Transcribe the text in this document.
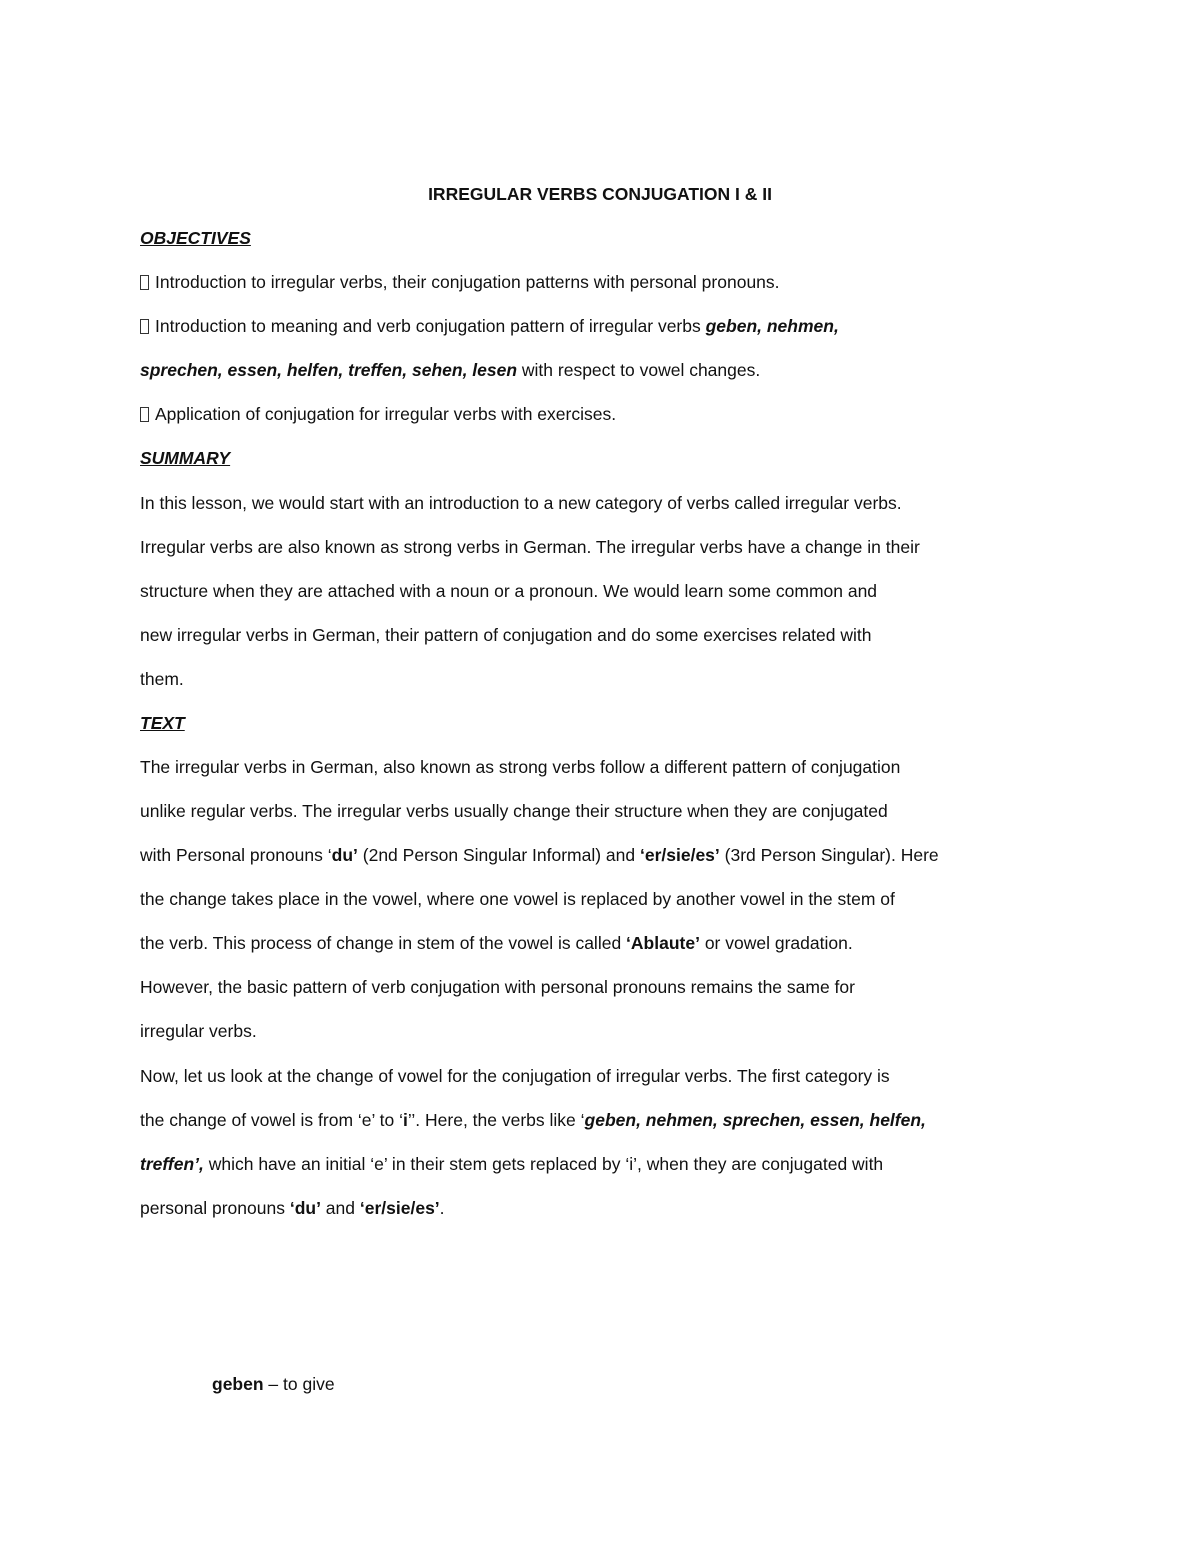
IRREGULAR VERBS CONJUGATION I & II
OBJECTIVES
Introduction to irregular verbs, their conjugation patterns with personal pronouns.
Introduction to meaning and verb conjugation pattern of irregular verbs geben, nehmen,
sprechen, essen, helfen, treffen, sehen, lesen with respect to vowel changes.
Application of conjugation for irregular verbs with exercises.
SUMMARY
In this lesson, we would start with an introduction to a new category of verbs called irregular verbs.
Irregular verbs are also known as strong verbs in German. The irregular verbs have a change in their
structure when they are attached with a noun or a pronoun. We would learn some common and
new irregular verbs in German, their pattern of conjugation and do some exercises related with
them.
TEXT
The irregular verbs in German, also known as strong verbs follow a different pattern of conjugation
unlike regular verbs. The irregular verbs usually change their structure when they are conjugated
with Personal pronouns ‘du’ (2nd Person Singular Informal) and ‘er/sie/es’ (3rd Person Singular). Here
the change takes place in the vowel, where one vowel is replaced by another vowel in the stem of
the verb. This process of change in stem of the vowel is called ‘Ablaute’ or vowel gradation.
However, the basic pattern of verb conjugation with personal pronouns remains the same for
irregular verbs.
Now, let us look at the change of vowel for the conjugation of irregular verbs. The first category is
the change of vowel is from ‘e’ to ‘i’’. Here, the verbs like ‘geben, nehmen, sprechen, essen, helfen,
treffen’, which have an initial ‘e’ in their stem gets replaced by ‘i’, when they are conjugated with
personal pronouns ‘du’ and ‘er/sie/es’.
geben – to give
